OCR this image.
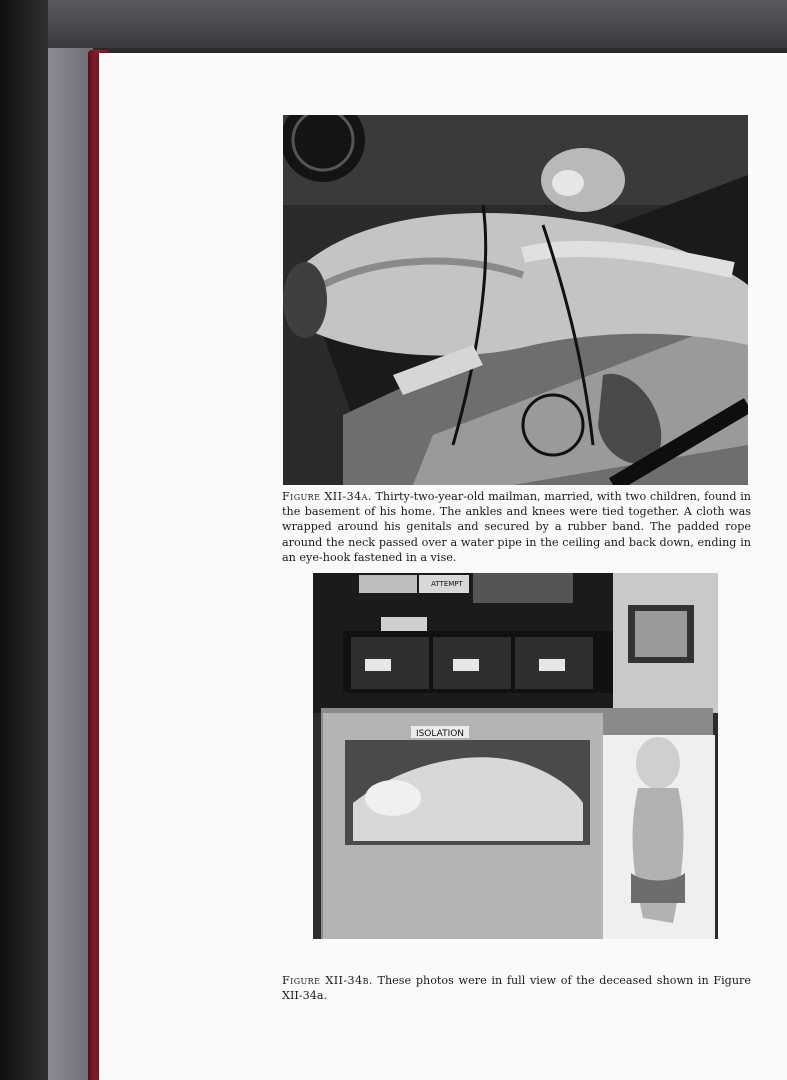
Figure XII-34a. Thirty-two-year-old mailman, married, with two children, found in the basement of his home. The ankles and knees were tied together. A cloth was wrapped around his genitals and secured by a rubber band. The padded rope around the neck passed over a water pipe in the ceiling and back down, ending in an eye-hook fastened in a vise.

ISOLATION
ATTEMPT

Figure XII-34b. These photos were in full view of the deceased shown in Figure XII-34a.
